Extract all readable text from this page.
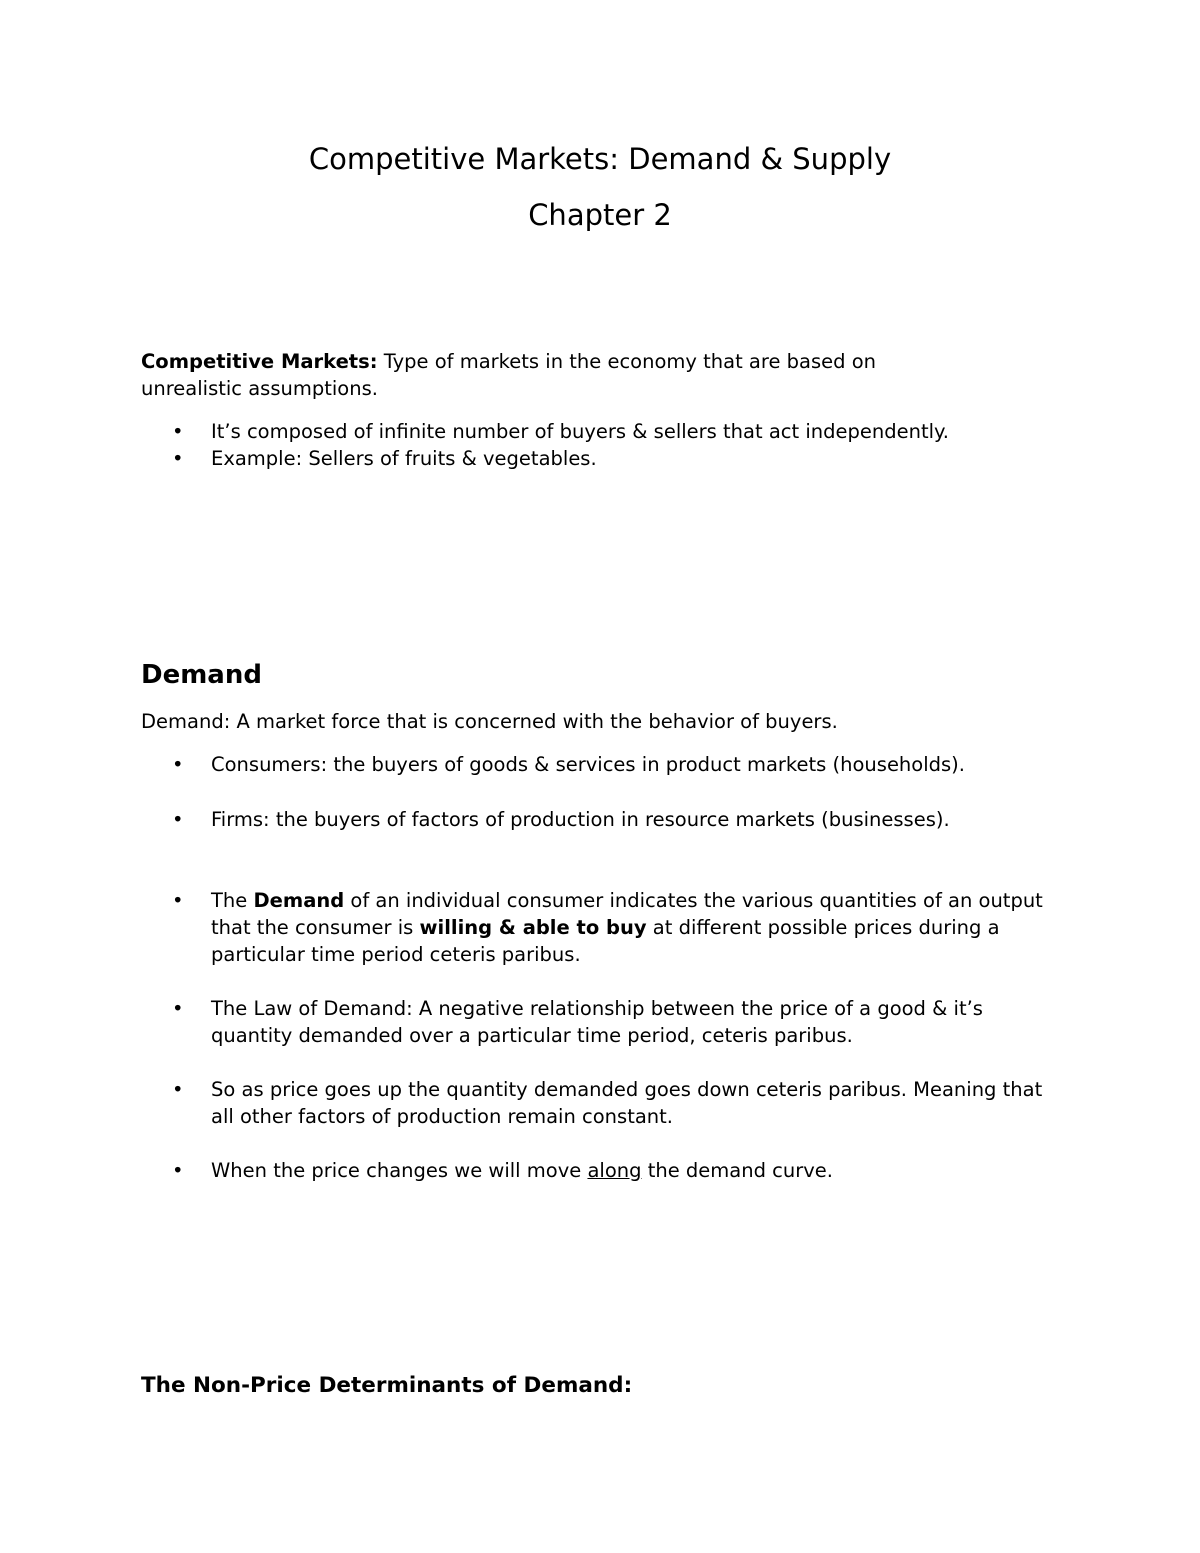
Competitive Markets: Demand & Supply
Chapter 2

Competitive Markets: Type of markets in the economy that are based on
unrealistic assumptions.

•	It’s composed of infinite number of buyers & sellers that act independently.
•	Example: Sellers of fruits & vegetables.
Demand

Demand: A market force that is concerned with the behavior of buyers.

•	Consumers: the buyers of goods & services in product markets (households).
•	Firms: the buyers of factors of production in resource markets (businesses).
•	The Demand of an individual consumer indicates the various quantities of an output that the consumer is willing & able to buy at different possible prices during a particular time period ceteris paribus.
•	The Law of Demand: A negative relationship between the price of a good & it’s quantity demanded over a particular time period, ceteris paribus.
•	So as price goes up the quantity demanded goes down ceteris paribus. Meaning that all other factors of production remain constant.
•	When the price changes we will move along the demand curve.
The Non-Price Determinants of Demand:
